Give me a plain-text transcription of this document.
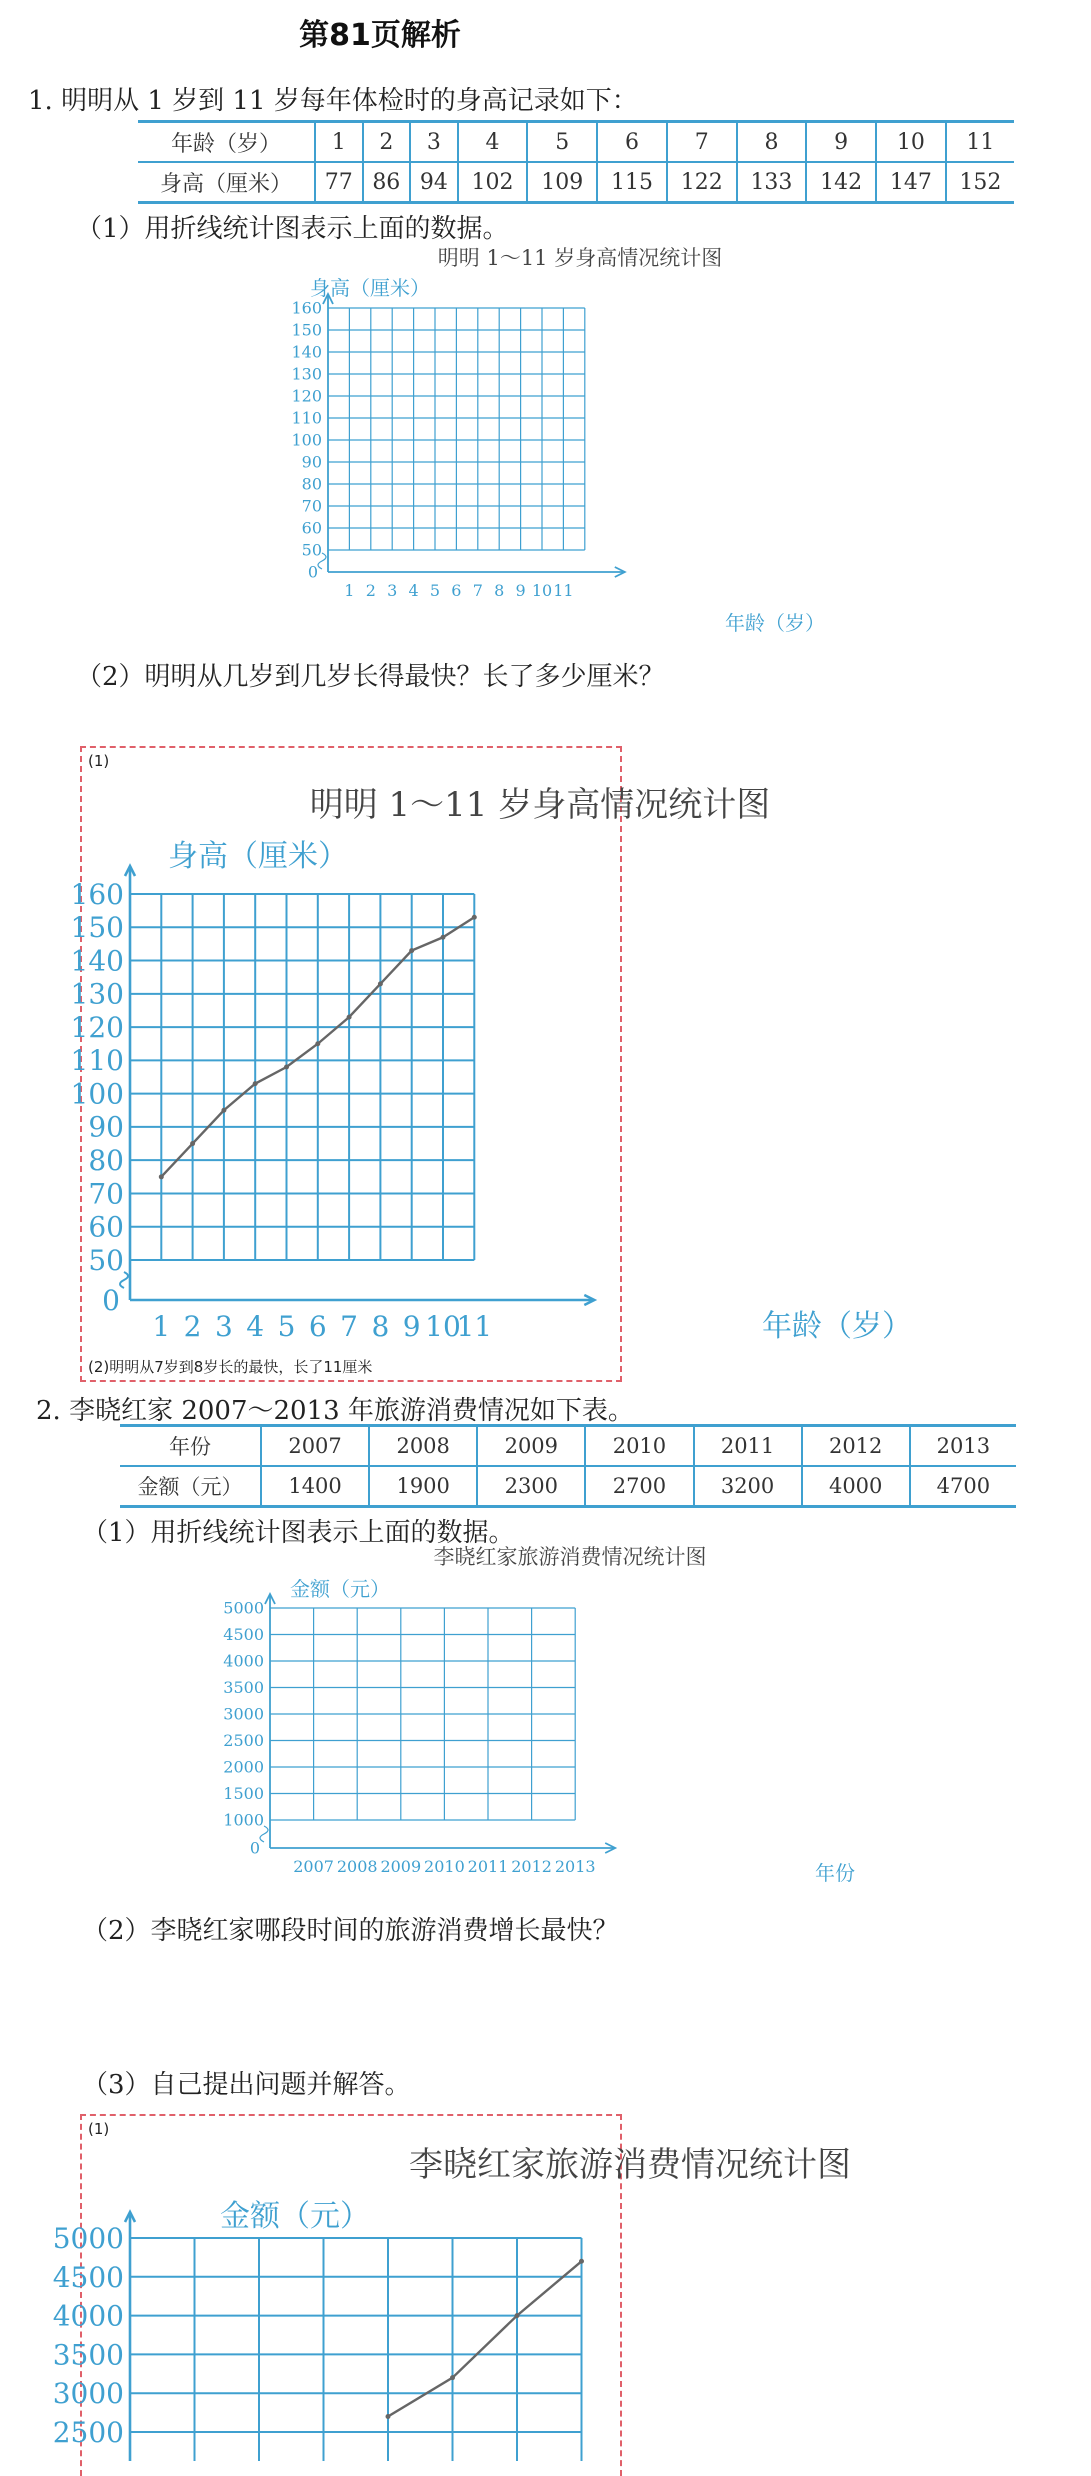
第81页解析
1. 明明从 1 岁到 11 岁每年体检时的身高记录如下：
年龄（岁）	1	2	3	4	5	6	7	8	9	10	11
身高（厘米）	77	86	94	102	109	115	122	133	142	147	152
（1）用折线统计图表示上面的数据。
明明 1～11 岁身高情况统计图
身高（厘米）
年龄（岁）
0
1 2 3 4 5 6 7 8 9 10 11
50
60
70
80
90
100
110
120
130
140
150
160
（2）明明从几岁到几岁长得最快？长了多少厘米？
(1)
明明 1～11 岁身高情况统计图
身高（厘米）
年龄（岁）
0
1 2 3 4 5 6 7 8 9 10
11
50
60
70
80
90
100
110
120
130
140
150
160
(2)明明从7岁到8岁长的最快，长了11厘米
2. 李晓红家 2007～2013 年旅游消费情况如下表。
年份	2007	2008	2009	2010	2011	2012	2013
金额（元）	1400	1900	2300	2700	3200	4000	4700
（1）用折线统计图表示上面的数据。
李晓红家旅游消费情况统计图
金额（元）
年份
0
2007 2008 2009 2010 2011 2012 2013
1000
1500
2000
2500
3000
3500
4000
4500
5000
（2）李晓红家哪段时间的旅游消费增长最快？
（3）自己提出问题并解答。
(1)
李晓红家旅游消费情况统计图
金额（元）
2500
3000
3500
4000
4500
5000
